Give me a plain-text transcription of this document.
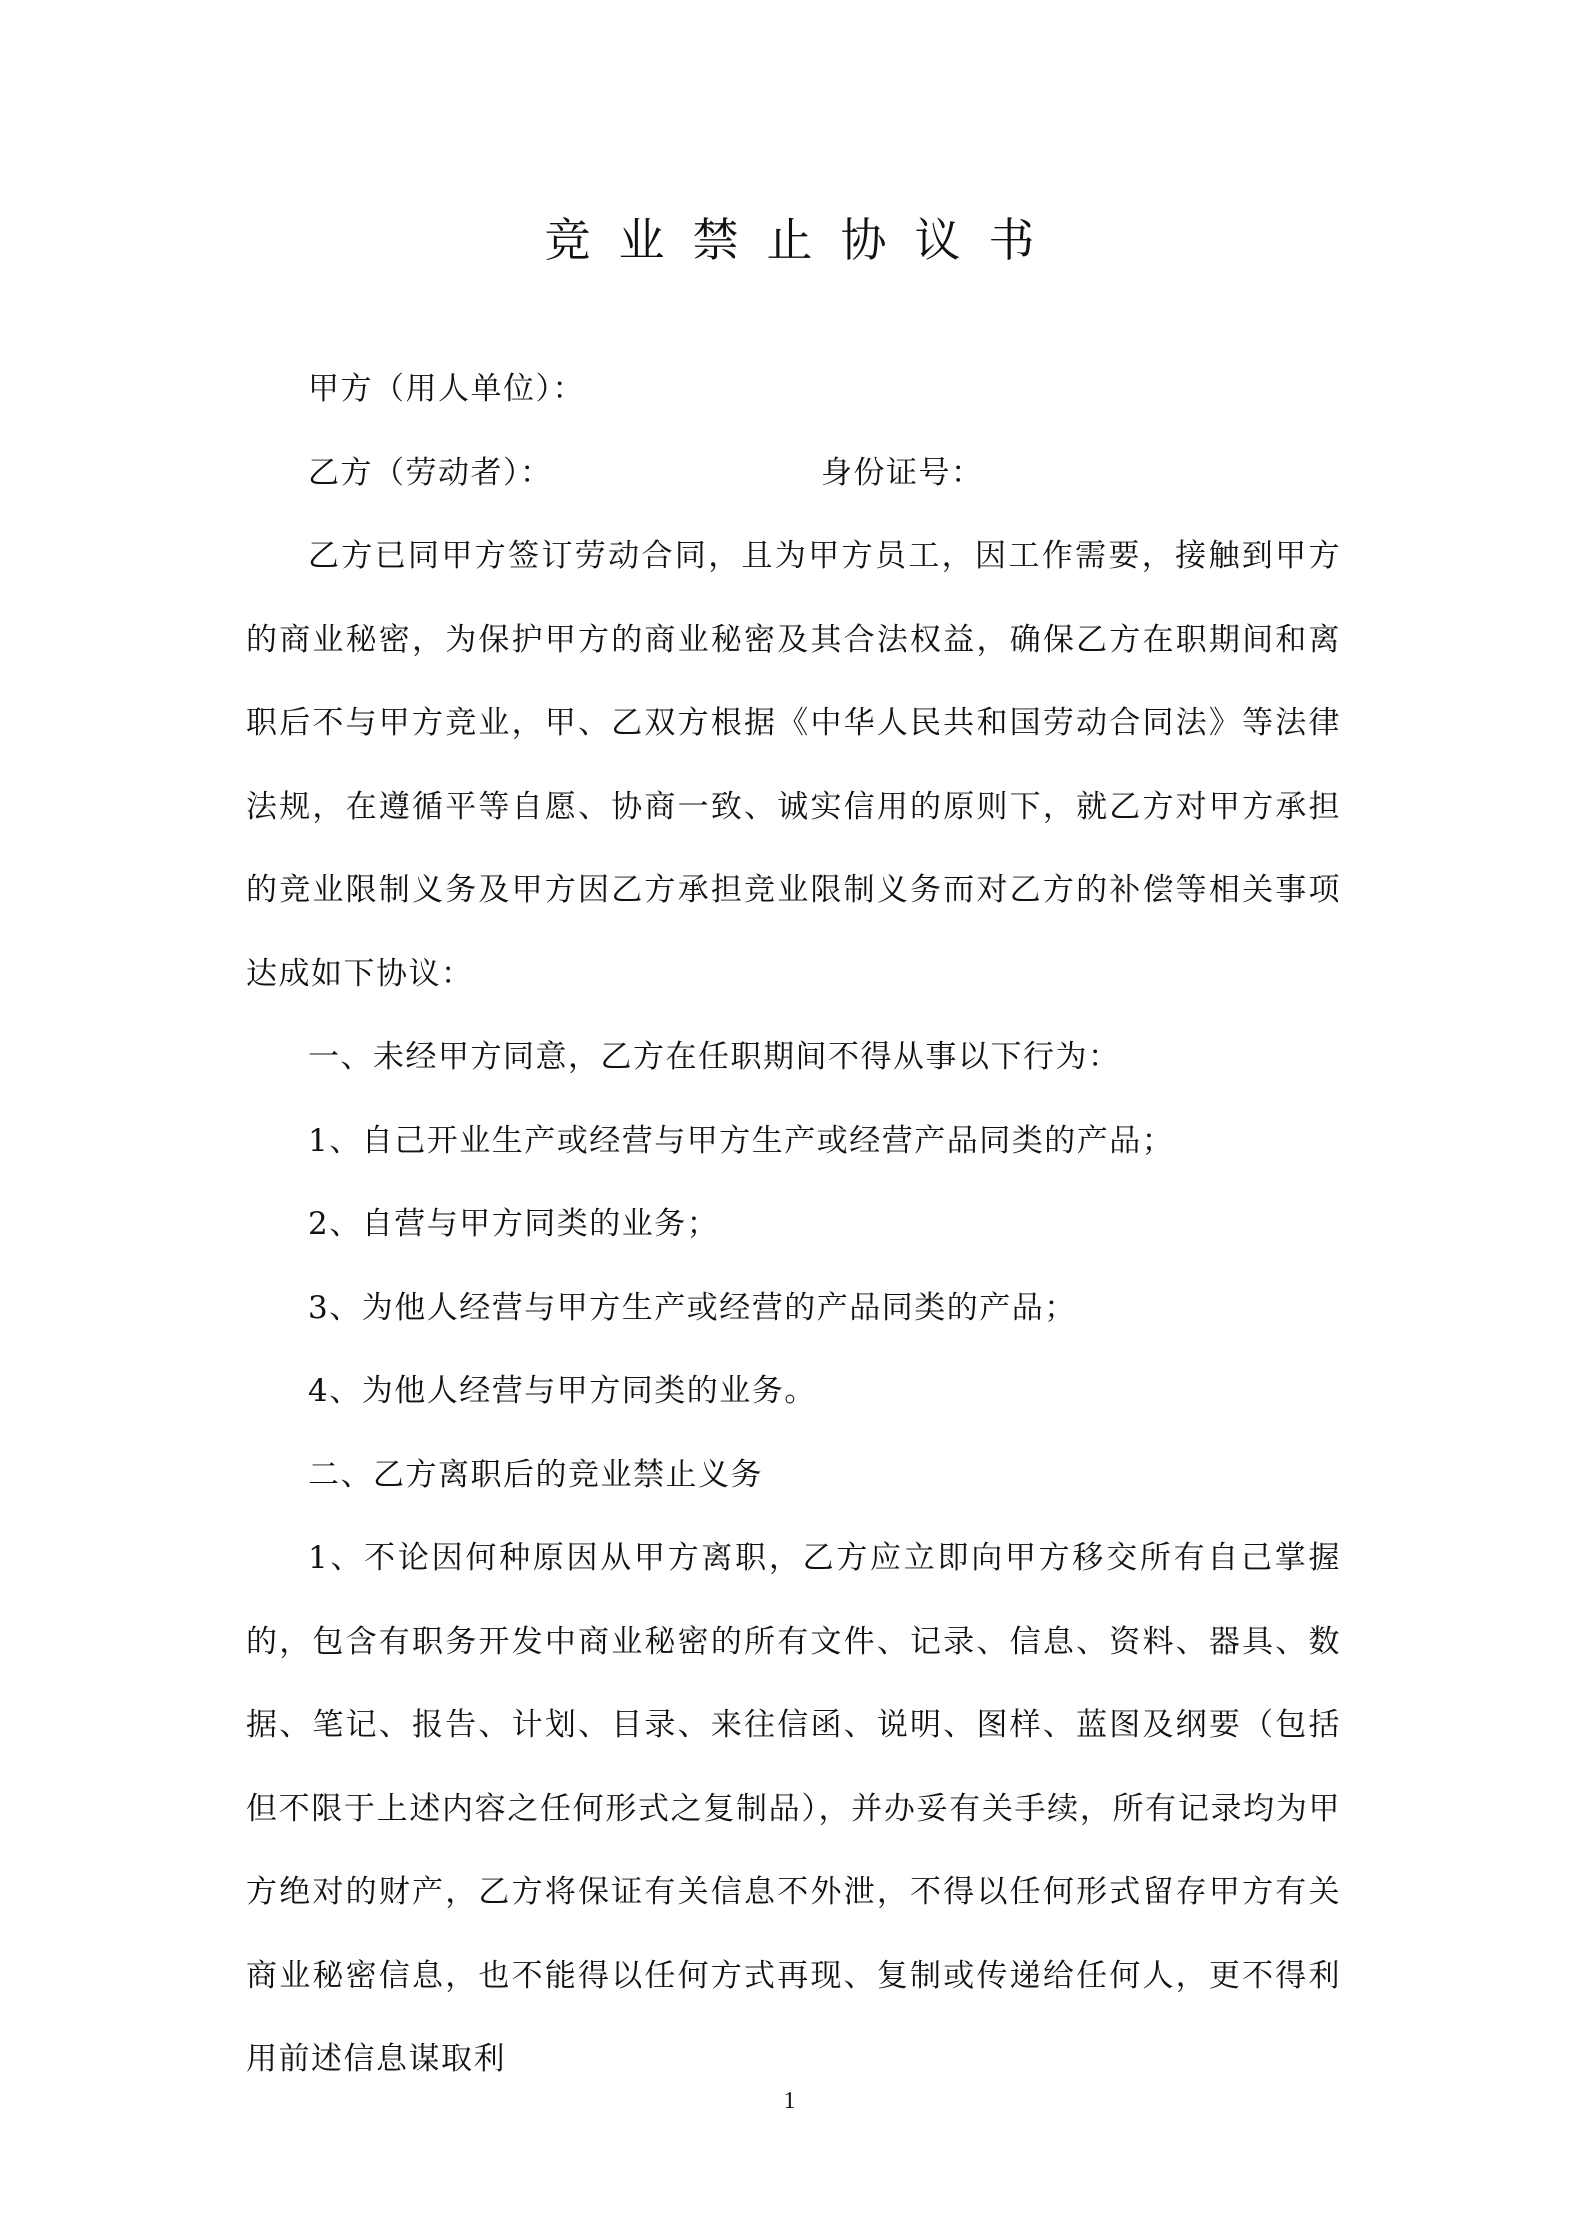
竞业禁止协议书

甲方（用人单位）：

乙方（劳动者）：	身份证号：

乙方已同甲方签订劳动合同，且为甲方员工，因工作需要，接触到甲方的商业秘密，为保护甲方的商业秘密及其合法权益，确保乙方在职期间和离职后不与甲方竞业，甲、乙双方根据《中华人民共和国劳动合同法》等法律法规，在遵循平等自愿、协商一致、诚实信用的原则下，就乙方对甲方承担的竞业限制义务及甲方因乙方承担竞业限制义务而对乙方的补偿等相关事项达成如下协议：

一、未经甲方同意，乙方在任职期间不得从事以下行为：

1、自己开业生产或经营与甲方生产或经营产品同类的产品；

2、自营与甲方同类的业务；

3、为他人经营与甲方生产或经营的产品同类的产品；

4、为他人经营与甲方同类的业务。

二、乙方离职后的竞业禁止义务

1、不论因何种原因从甲方离职，乙方应立即向甲方移交所有自己掌握的，包含有职务开发中商业秘密的所有文件、记录、信息、资料、器具、数据、笔记、报告、计划、目录、来往信函、说明、图样、蓝图及纲要（包括但不限于上述内容之任何形式之复制品），并办妥有关手续，所有记录均为甲方绝对的财产，乙方将保证有关信息不外泄，不得以任何形式留存甲方有关商业秘密信息，也不能得以任何方式再现、复制或传递给任何人，更不得利用前述信息谋取利

1
